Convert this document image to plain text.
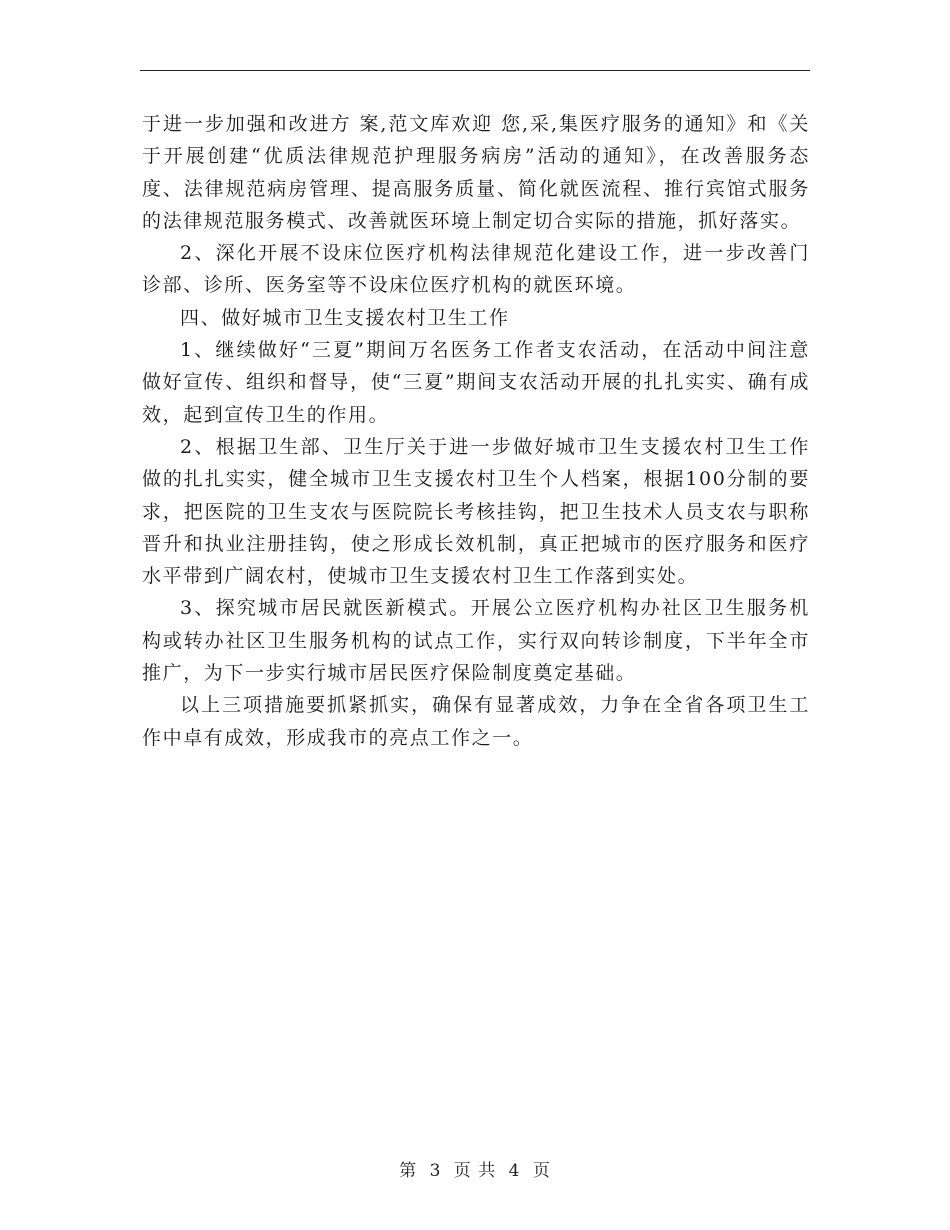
于进一步加强和改进方 案,范文库欢迎 您,采,集医疗服务的通知》和《关于开展创建“优质法律规范护理服务病房”活动的通知》，在改善服务态度、法律规范病房管理、提高服务质量、简化就医流程、推行宾馆式服务的法律规范服务模式、改善就医环境上制定切合实际的措施，抓好落实。

2、深化开展不设床位医疗机构法律规范化建设工作，进一步改善门诊部、诊所、医务室等不设床位医疗机构的就医环境。

四、做好城市卫生支援农村卫生工作

1、继续做好“三夏”期间万名医务工作者支农活动，在活动中间注意做好宣传、组织和督导，使“三夏”期间支农活动开展的扎扎实实、确有成效，起到宣传卫生的作用。

2、根据卫生部、卫生厅关于进一步做好城市卫生支援农村卫生工作做的扎扎实实，健全城市卫生支援农村卫生个人档案，根据100分制的要求，把医院的卫生支农与医院院长考核挂钩，把卫生技术人员支农与职称晋升和执业注册挂钩，使之形成长效机制，真正把城市的医疗服务和医疗水平带到广阔农村，使城市卫生支援农村卫生工作落到实处。

3、探究城市居民就医新模式。开展公立医疗机构办社区卫生服务机构或转办社区卫生服务机构的试点工作，实行双向转诊制度，下半年全市推广，为下一步实行城市居民医疗保险制度奠定基础。

以上三项措施要抓紧抓实，确保有显著成效，力争在全省各项卫生工作中卓有成效，形成我市的亮点工作之一。

第 3 页 共 4 页
